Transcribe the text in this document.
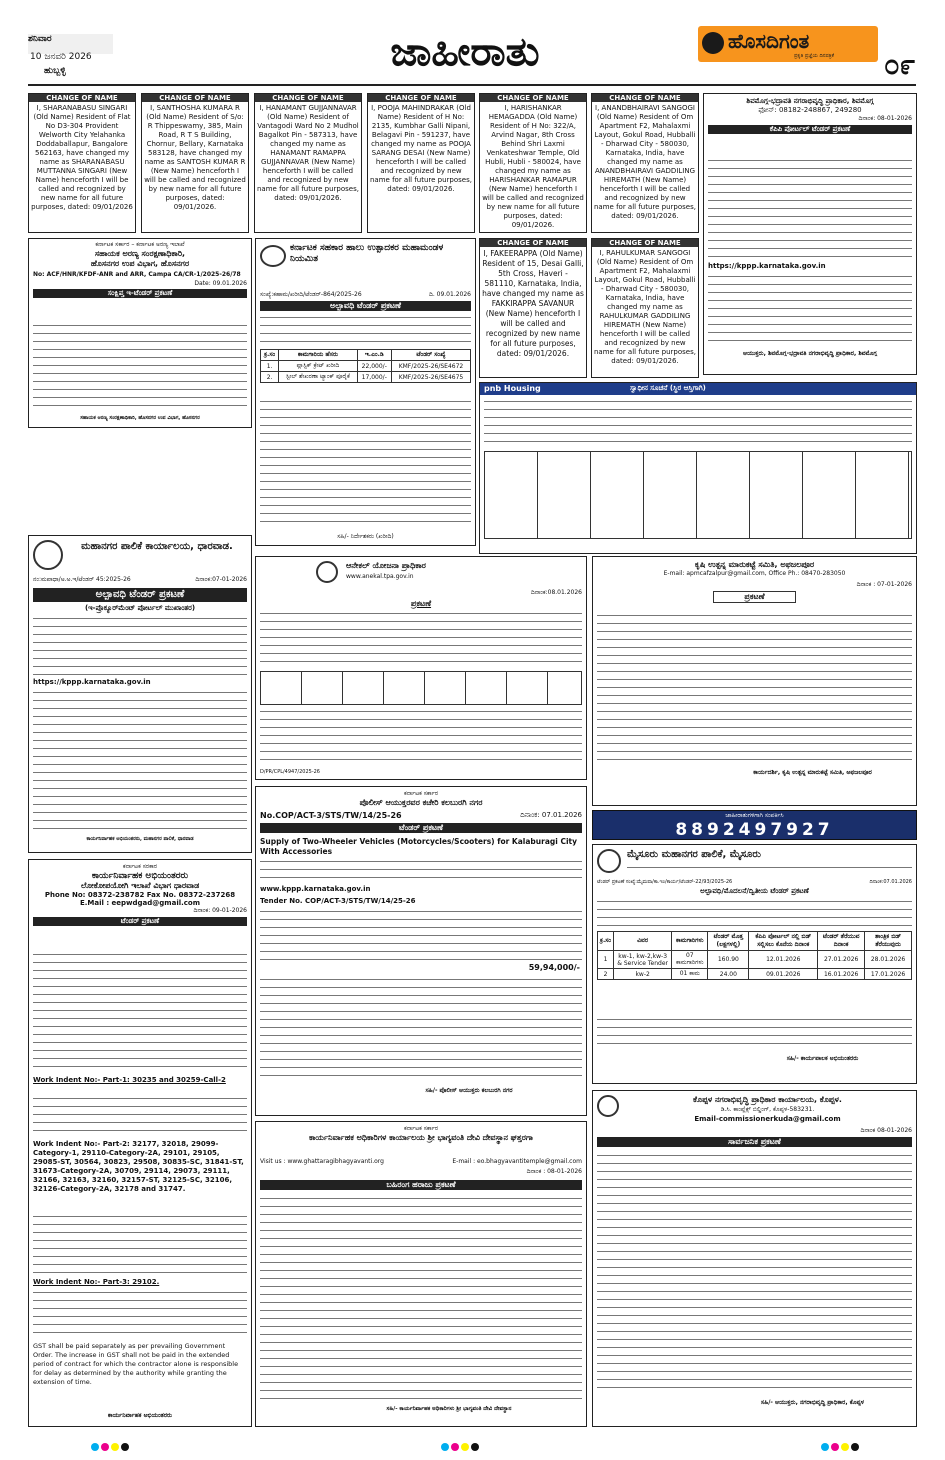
ಶನಿವಾರ
10 ಜನವರಿ 2026
ಹುಬ್ಬಳ್ಳಿ	ಜಾಹೀರಾತು	ಹೊಸದಿಗಂತ
ಪ್ರಕೃತಿ ಪ್ರಜ್ಞೆಯ ದಿನಪತ್ರಿಕೆ ೦೯
CHANGE OF NAME
I, SHARANABASU SINGARI (Old Name) Resident of Flat No D3-304 Provident Welworth City Yelahanka Doddaballapur, Bangalore 562163, have changed my name as SHARANABASU MUTTANNA SINGARI (New Name) henceforth I will be called and recognized by new name for all future purposes, dated: 09/01/2026
CHANGE OF NAME
I, SANTHOSHA KUMARA R (Old Name) Resident of S/o: R Thippeswamy, 385, Main Road, R T S Building, Chornur, Bellary, Karnataka 583128, have changed my name as SANTOSH KUMAR R (New Name) henceforth I will be called and recognized by new name for all future purposes, dated: 09/01/2026.
CHANGE OF NAME
I, HANAMANT GUJJANNAVAR (Old Name) Resident of Vantagodi Ward No 2 Mudhol Bagalkot Pin - 587313, have changed my name as HANAMANT RAMAPPA GUJJANNAVAR (New Name) henceforth I will be called and recognized by new name for all future purposes, dated: 09/01/2026.
CHANGE OF NAME
I, POOJA MAHINDRAKAR (Old Name) Resident of H No: 2135, Kumbhar Galli Nipani, Belagavi Pin - 591237, have changed my name as POOJA SARANG DESAI (New Name) henceforth I will be called and recognized by new name for all future purposes, dated: 09/01/2026.
CHANGE OF NAME
I, HARISHANKAR HEMAGADDA (Old Name) Resident of H No: 322/A, Arvind Nagar, 8th Cross Behind Shri Laxmi Venkateshwar Temple, Old Hubli, Hubli - 580024, have changed my name as HARISHANKAR RAMAPUR (New Name) henceforth I will be called and recognized by new name for all future purposes, dated: 09/01/2026.
CHANGE OF NAME
I, ANANDBHAIRAVI SANGOGI (Old Name) Resident of Om Apartment F2, Mahalaxmi Layout, Gokul Road, Hubballi - Dharwad City - 580030, Karnataka, India, have changed my name as ANANDBHAIRAVI GADDILING HIREMATH (New Name) henceforth I will be called and recognized by new name for all future purposes, dated: 09/01/2026.
ಶಿವಮೊಗ್ಗ-ಭದ್ರಾವತಿ ನಗರಾಭಿವೃದ್ಧಿ ಪ್ರಾಧಿಕಾರ, ಶಿವಮೊಗ್ಗ
ಫೋನ್: 08182-248867, 249280
ದಿನಾಂಕ: 08-01-2026
ಕೆಪಿಪಿ ಪೋರ್ಟಲ್ ಟೆಂಡರ್ ಪ್ರಕಟಣೆ
https://kppp.karnataka.gov.in
ಆಯುಕ್ತರು, ಶಿವಮೊಗ್ಗ-ಭದ್ರಾವತಿ ನಗರಾಭಿವೃದ್ಧಿ ಪ್ರಾಧಿಕಾರ, ಶಿವಮೊಗ್ಗ
ಕರ್ನಾಟಕ ಸರ್ಕಾರ – ಕರ್ನಾಟಕ ಅರಣ್ಯ ಇಲಾಖೆ
ಸಹಾಯಕ ಅರಣ್ಯ ಸಂರಕ್ಷಣಾಧಿಕಾರಿ,
ಹೊಸನಗರ ಉಪ ವಿಭಾಗ, ಹೊಸನಗರ
No: ACF/HNR/KFDF-ANR and ARR, Campa CA/CR-1/2025-26/78
Date: 09.01.2026
ಸಂಕ್ಷಿಪ್ತ ಇ-ಟೆಂಡರ್ ಪ್ರಕಟಣೆ
ಸಹಾಯಕ ಅರಣ್ಯ ಸಂರಕ್ಷಣಾಧಿಕಾರಿ, ಹೊಸನಗರ ಉಪ ವಿಭಾಗ, ಹೊಸನಗರ
ಮಹಾನಗರ ಪಾಲಿಕೆ ಕಾರ್ಯಾಲಯ, ಧಾರವಾಡ.
ನಂ:ಮಪಾಧಾ/ಅ.ಅ.ಇ/ಟೆಂಡರ್ 45:2025-26	ದಿನಾಂಕ:07-01-2026
ಅಲ್ಪಾವಧಿ ಟೆಂಡರ್ ಪ್ರಕಟಣೆ
(ಇ-ಪ್ರೊಕ್ಯೂರ್‌ಮೆಂಟ್ ಪೋರ್ಟಲ್ ಮುಖಾಂತರ)
https://kppp.karnataka.gov.in
ಕಾರ್ಯನಿರ್ವಾಹಕ ಅಭಿಯಂತರರು, ಮಹಾನಗರ ಪಾಲಿಕೆ, ಧಾರವಾಡ
ಕರ್ನಾಟಕ ಸರಕಾರ
ಕಾರ್ಯನಿರ್ವಾಹಕ ಅಭಿಯಂತರರು
ಲೋಕೋಪಯೋಗಿ ಇಲಾಖೆ ವಿಭಾಗ ಧಾರವಾಡ
Phone No: 08372-238782 Fax No. 08372-237268
E.Mail : eepwdgad@gmail.com
ದಿನಾಂಕ: 09-01-2026
ಟೆಂಡರ್ ಪ್ರಕಟಣೆ
Work Indent No:- Part-1: 30235 and 30259-Call-2
Work Indent No:- Part-2: 32177, 32018, 29099-Category-1, 29110-Category-2A, 29101, 29105, 29085-ST, 30564, 30823, 29508, 30835-SC, 31841-ST, 31673-Category-2A, 30709, 29114, 29073, 29111, 32166, 32163, 32160, 32157-ST, 32125-SC, 32106, 32126-Category-2A, 32178 and 31747.
Work Indent No:- Part-3: 29102.
GST shall be paid separately as per prevailing Government Order. The increase in GST shall not be paid in the extended period of contract for which the contractor alone is responsible for delay as determined by the authority while granting the extension of time.
ಕಾರ್ಯನಿರ್ವಾಹಕ ಅಭಿಯಂತರರು
ಕರ್ನಾಟಕ ಸಹಕಾರ ಹಾಲು ಉತ್ಪಾದಕರ ಮಹಾಮಂಡಳ ನಿಯಮಿತ
ಸಂಖ್ಯೆ:ಕಹಾಮ/ಖರೀದಿ/ಟೆಂಡರ್-864/2025-26	ದಿ. 09.01.2026
ಅಲ್ಪಾವಧಿ ಟೆಂಡರ್ ಪ್ರಕಟಣೆ
ಕ್ರ.ಸಂ	ಕಾಮಗಾರಿಯ ಹೆಸರು	ಇ.ಎಂ.ಡಿ	ಟೆಂಡರ್ ಸಂಖ್ಯೆ
1.	ಪ್ಲಾಸ್ಟಿಕ್ ಕ್ರೇಟ್ ಖರೀದಿ	22,000/-	KMF/2025-26/SE4672
2.	ಸ್ಟೀಲ್ ಶೇಖರಣಾ ಟ್ಯಾಂಕ್ ಪೂರೈಕೆ	17,000/-	KMF/2025-26/SE4675
ಸಹಿ/- ನಿರ್ದೇಶಕರು (ಖರೀದಿ)
CHANGE OF NAME
I, FAKEERAPPA (Old Name) Resident of 15, Desai Galli, 5th Cross, Haveri - 581110, Karnataka, India, have changed my name as FAKKIRAPPA SAVANUR (New Name) henceforth I will be called and recognized by new name for all future purposes, dated: 09/01/2026.
CHANGE OF NAME
I, RAHULKUMAR SANGOGI (Old Name) Resident of Om Apartment F2, Mahalaxmi Layout, Gokul Road, Hubballi - Dharwad City - 580030, Karnataka, India, have changed my name as RAHULKUMAR GADDILING HIREMATH (New Name) henceforth I will be called and recognized by new name for all future purposes, dated: 09/01/2026.
pnb Housing	ಸ್ವಾಧೀನ ಸೂಚನೆ (ಸ್ಥಿರ ಆಸ್ತಿಗಾಗಿ)
ಆನೇಕಲ್ ಯೋಜನಾ ಪ್ರಾಧಿಕಾರ
www.anekal.tpa.gov.in
ದಿನಾಂಕ:08.01.2026
ಪ್ರಕಟಣೆ
D/PR/CPL/4947/2025-26
ಕೃಷಿ ಉತ್ಪನ್ನ ಮಾರುಕಟ್ಟೆ ಸಮಿತಿ, ಅಫಜಲಪೂರ
E-mail: apmcafzalpur@gmail.com, Office Ph.: 08470-283050
ದಿನಾಂಕ : 07-01-2026
ಪ್ರಕಟಣೆ
ಕಾರ್ಯದರ್ಶಿ, ಕೃಷಿ ಉತ್ಪನ್ನ ಮಾರುಕಟ್ಟೆ ಸಮಿತಿ, ಅಫಜಲಪೂರ
ಜಾಹೀರಾತುಗಳಿಗಾಗಿ ಸಂಪರ್ಕಿಸಿ
8892497927
ಕರ್ನಾಟಕ ಸರ್ಕಾರ
ಪೊಲೀಸ್ ಆಯುಕ್ತರವರ ಕಚೇರಿ ಕಲಬುರಗಿ ನಗರ
No.COP/ACT-3/STS/TW/14/25-26	ದಿನಾಂಕ: 07.01.2026
ಟೆಂಡರ್ ಪ್ರಕಟಣೆ
Supply of Two-Wheeler Vehicles (Motorcycles/Scooters) for Kalaburagi City With Accessories
www.kppp.karnataka.gov.in
Tender No. COP/ACT-3/STS/TW/14/25-26
59,94,000/-
ಸಹಿ/- ಪೊಲೀಸ್ ಆಯುಕ್ತರು ಕಲಬುರಗಿ ನಗರ
ಮೈಸೂರು ಮಹಾನಗರ ಪಾಲಿಕೆ, ಮೈಸೂರು
ಟೆಂಡರ್ ಪ್ರಕಟಣೆ ಸಂಖ್ಯೆ:ಮೈಮಪಾ/ಕಾ.ಇಂ/ಕಾರ್ಯ/ಟೆಂಡರ್-22/93/2025-26	ದಿನಾಂಕ:07.01.2026
ಅಲ್ಪಾವಧಿ/ಮೊದಲನೆ/ದ್ವಿತೀಯ ಟೆಂಡರ್ ಪ್ರಕಟಣೆ
ಕ್ರ.ಸಂ	ವಿವರ	ಕಾಮಗಾರಿಗಳು	ಟೆಂಡರ್ ಮೊತ್ತ (ಲಕ್ಷಗಳಲ್ಲಿ)	ಕೆಪಿಪಿ ಪೋರ್ಟಲ್ ನಲ್ಲಿ ಬಿಡ್ ಸಲ್ಲಿಸಲು ಕೊನೆಯ ದಿನಾಂಕ	ಟೆಂಡರ್ ತೆರೆಯುವ ದಿನಾಂಕ	ತಾಂತ್ರಿಕ ಬಿಡ್ ತೆರೆಯುವುದು
1	kw-1, kw-2,kw-3 & Service Tender	07 ಕಾಮಗಾರಿಗಳು	160.90	12.01.2026	27.01.2026	28.01.2026
2	kw-2	01 ಕಾಮ	24.00	09.01.2026	16.01.2026	17.01.2026
ಸಹಿ/- ಕಾರ್ಯಪಾಲಕ ಅಭಿಯಂತರರು
ಕರ್ನಾಟಕ ಸರ್ಕಾರ
ಕಾರ್ಯನಿರ್ವಾಹಕ ಅಧಿಕಾರಿಗಳ ಕಾರ್ಯಾಲಯ ಶ್ರೀ ಭಾಗ್ಯವಂತಿ ದೇವಿ ದೇವಸ್ಥಾನ ಘತ್ತರಗಾ
Visit us : www.ghattaragibhagyavanti.org	E-mail : eo.bhagyavantitemple@gmail.com
ದಿನಾಂಕ : 08-01-2026
ಬಹಿರಂಗ ಹರಾಜು ಪ್ರಕಟಣೆ
ಸಹಿ/- ಕಾರ್ಯನಿರ್ವಾಹಕ ಅಧಿಕಾರಿಗಳು ಶ್ರೀ ಭಾಗ್ಯವಂತಿ ದೇವಿ ದೇವಸ್ಥಾನ
ಕೊಪ್ಪಳ ನಗರಾಭಿವೃದ್ಧಿ ಪ್ರಾಧಿಕಾರ ಕಾರ್ಯಾಲಯ, ಕೊಪ್ಪಳ.
ಡಿ.ಸಿ. ಕಾಂಪ್ಲೆಕ್ಸ್ ಬಿಲ್ಡಿಂಗ್, ಕೊಪ್ಪಳ-583231.
Email-commissionerkuda@gmail.com
ದಿನಾಂಕ 08-01-2026
ಸಾರ್ವಜನಿಕ ಪ್ರಕಟಣೆ
ಸಹಿ/- ಆಯುಕ್ತರು, ನಗರಾಭಿವೃದ್ಧಿ ಪ್ರಾಧಿಕಾರ, ಕೊಪ್ಪಳ
